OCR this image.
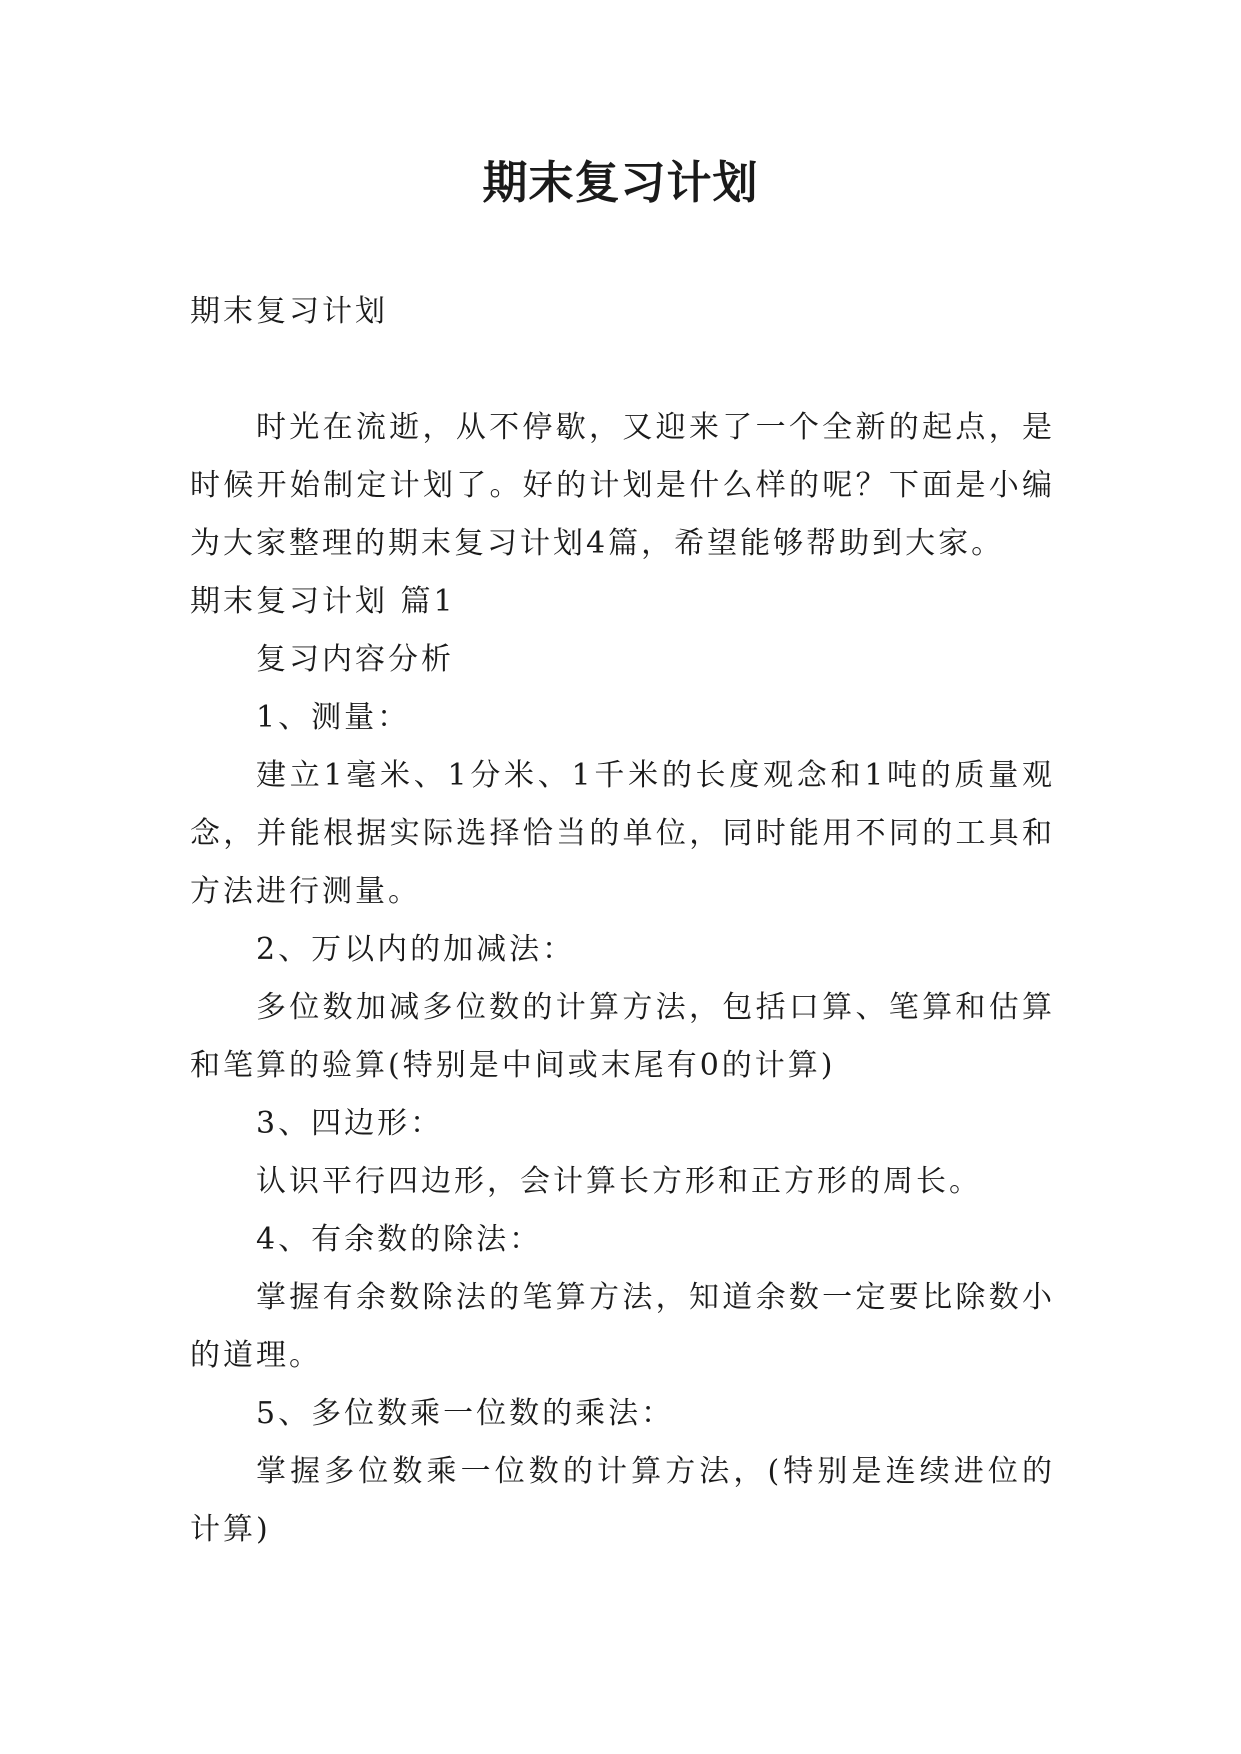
期末复习计划

期末复习计划

时光在流逝，从不停歇，又迎来了一个全新的起点，是时候开始制定计划了。好的计划是什么样的呢？下面是小编为大家整理的期末复习计划4篇，希望能够帮助到大家。

期末复习计划 篇1

复习内容分析

1、测量：

建立1毫米、1分米、1千米的长度观念和1吨的质量观念，并能根据实际选择恰当的单位，同时能用不同的工具和方法进行测量。

2、万以内的加减法：

多位数加减多位数的计算方法，包括口算、笔算和估算和笔算的验算(特别是中间或末尾有0的计算)

3、四边形：

认识平行四边形，会计算长方形和正方形的周长。

4、有余数的除法：

掌握有余数除法的笔算方法，知道余数一定要比除数小的道理。

5、多位数乘一位数的乘法：

掌握多位数乘一位数的计算方法，(特别是连续进位的计算)
